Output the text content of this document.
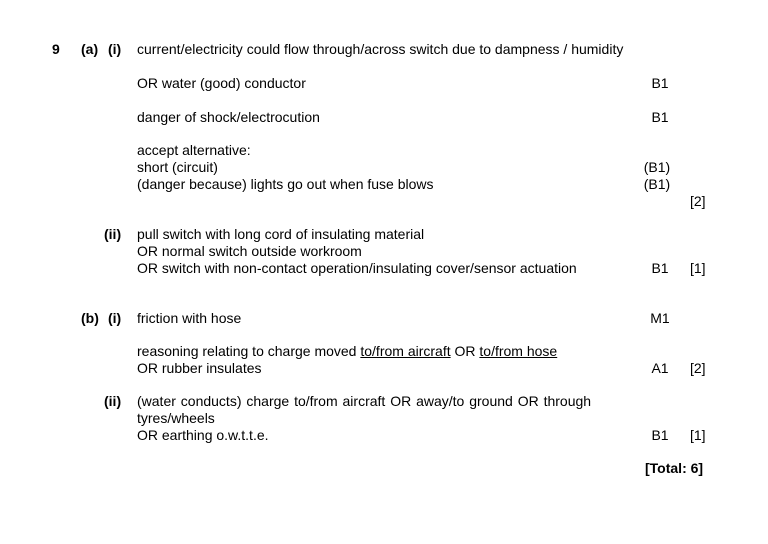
9 (a) (i) current/electricity could flow through/across switch due to dampness / humidity
OR water (good) conductor	B1
danger of shock/electrocution	B1
accept alternative:
short (circuit)	(B1)
(danger because) lights go out when fuse blows	(B1)
[2]
(ii) pull switch with long cord of insulating material
OR normal switch outside workroom
OR switch with non-contact operation/insulating cover/sensor actuation	B1	[1]
(b) (i) friction with hose	M1
reasoning relating to charge moved to/from aircraft OR to/from hose
OR rubber insulates	A1	[2]
(ii) (water conducts) charge to/from aircraft OR away/to ground OR through
tyres/wheels
OR earthing o.w.t.t.e.	B1	[1]
[Total: 6]
